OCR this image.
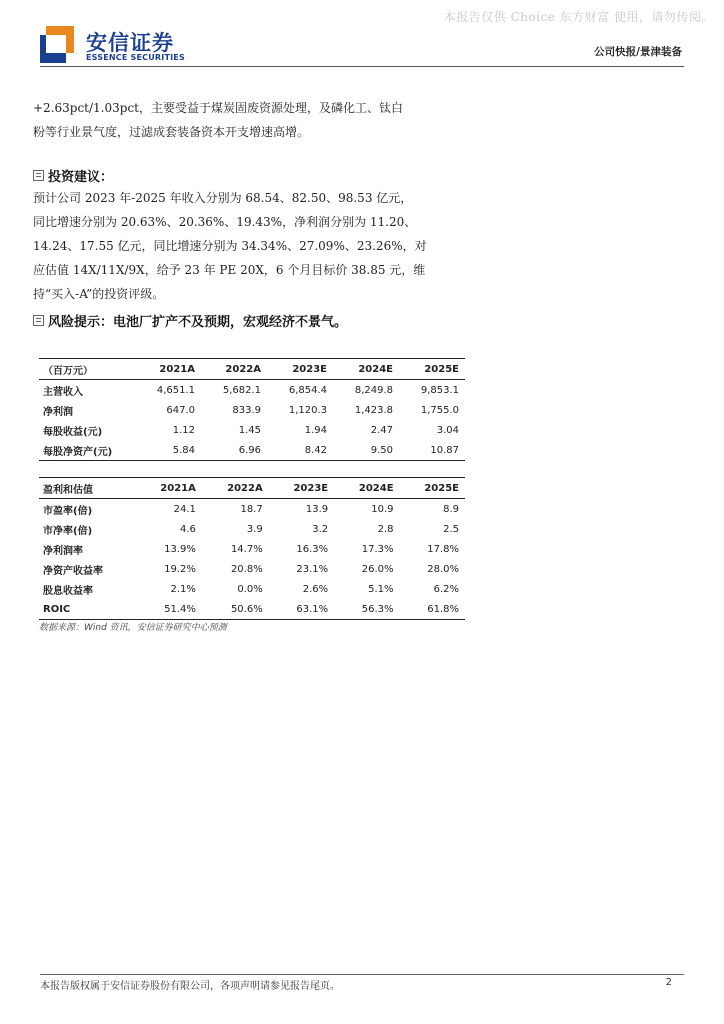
本报告仅供 Choice 东方财富 使用，请勿传阅。
安信证券
ESSENCE SECURITIES	公司快报/景津装备

+2.63pct/1.03pct，主要受益于煤炭固废资源处理，及磷化工、钛白
粉等行业景气度，过滤成套装备资本开支增速高增。

投资建议：

预计公司 2023 年-2025 年收入分别为 68.54、82.50、98.53 亿元，
同比增速分别为 20.63%、20.36%、19.43%，净利润分别为 11.20、
14.24、17.55 亿元，同比增速分别为 34.34%、27.09%、23.26%，对
应估值 14X/11X/9X，给予 23 年 PE 20X，6 个月目标价 38.85 元，维
持“买入-A”的投资评级。

风险提示：电池厂扩产不及预期，宏观经济不景气。
（百万元）	2021A	2022A	2023E	2024E	2025E
主营收入	4,651.1	5,682.1	6,854.4	8,249.8	9,853.1
净利润	647.0	833.9	1,120.3	1,423.8	1,755.0
每股收益(元)	1.12	1.45	1.94	2.47	3.04
每股净资产(元)	5.84	6.96	8.42	9.50	10.87
盈利和估值	2021A	2022A	2023E	2024E	2025E
市盈率(倍)	24.1	18.7	13.9	10.9	8.9
市净率(倍)	4.6	3.9	3.2	2.8	2.5
净利润率	13.9%	14.7%	16.3%	17.3%	17.8%
净资产收益率	19.2%	20.8%	23.1%	26.0%	28.0%
股息收益率	2.1%	0.0%	2.6%	5.1%	6.2%
ROIC	51.4%	50.6%	63.1%	56.3%	61.8%
数据来源：Wind 资讯，安信证券研究中心预测
本报告版权属于安信证券股份有限公司，各项声明请参见报告尾页。	2
